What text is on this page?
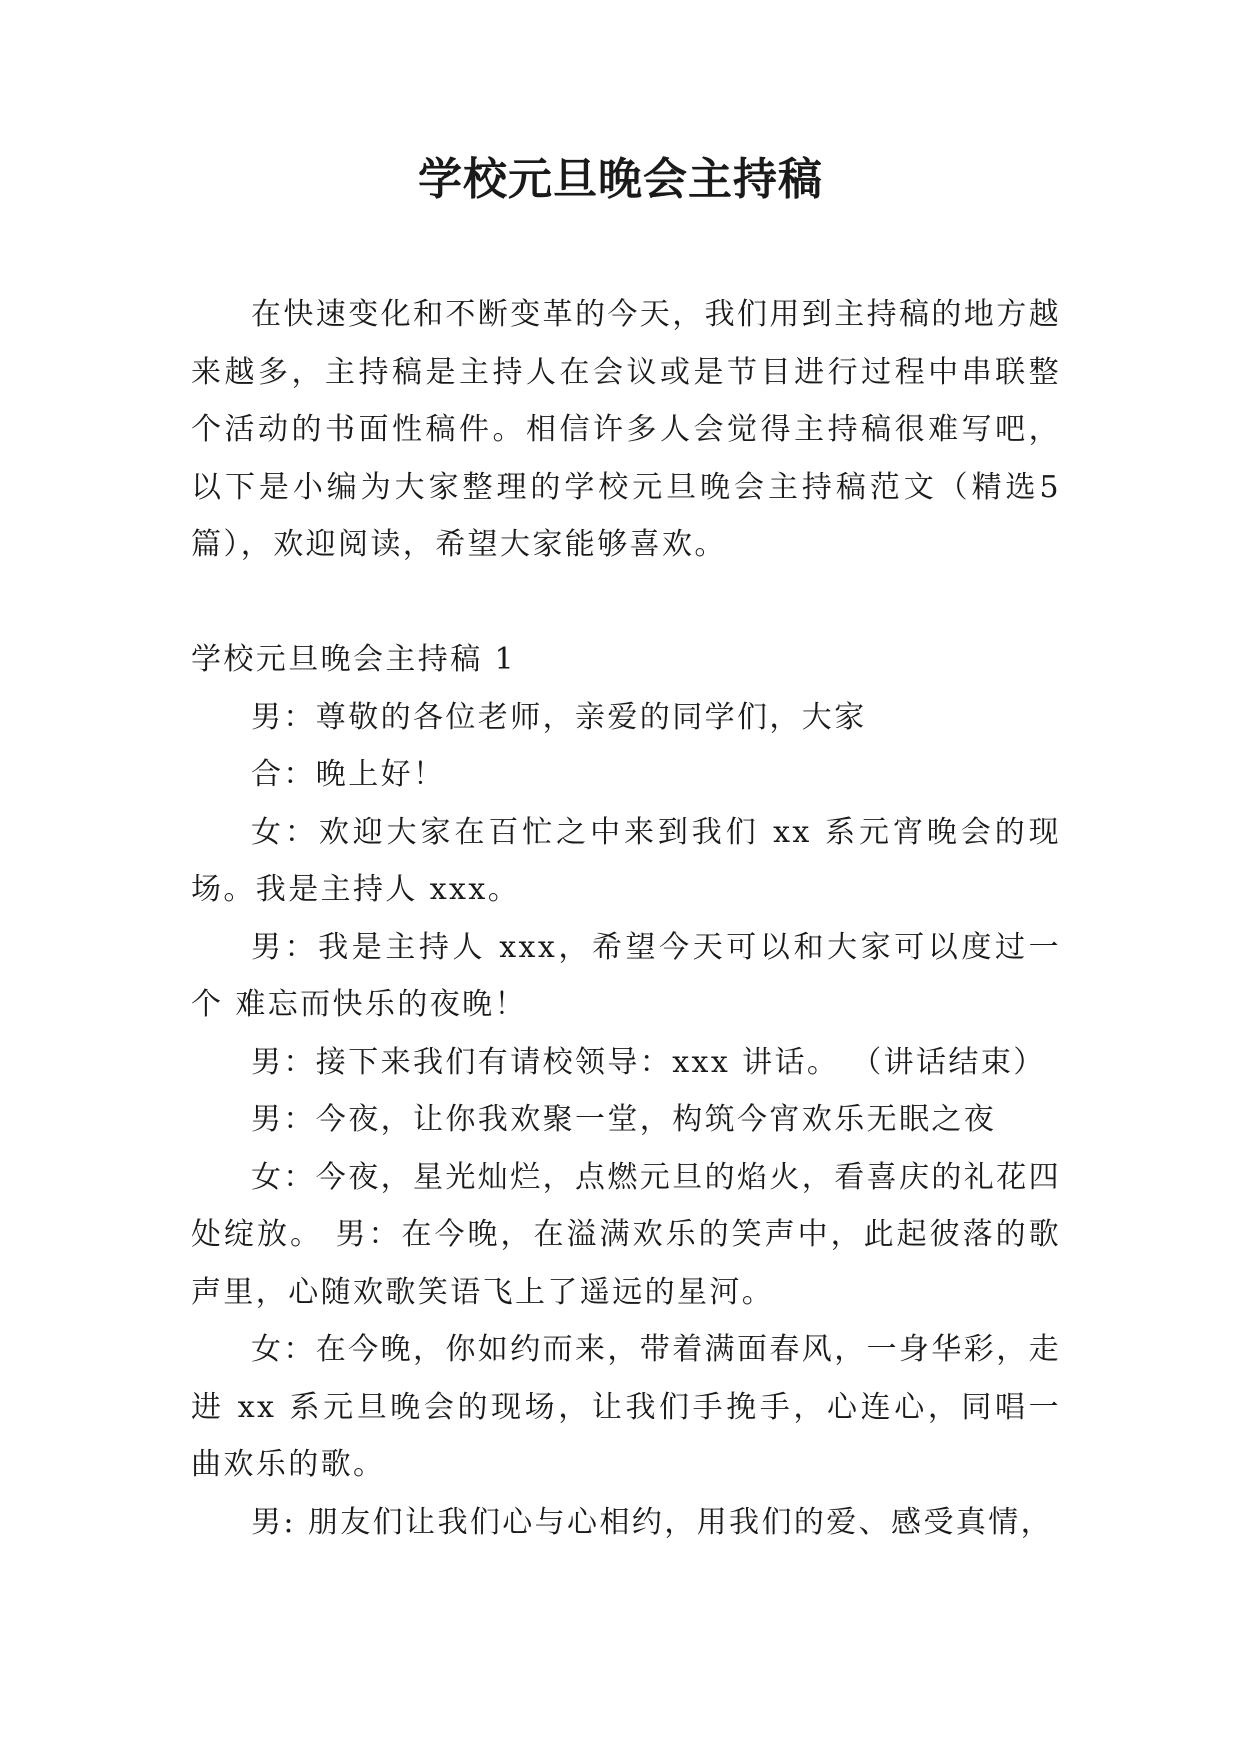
学校元旦晚会主持稿

在快速变化和不断变革的今天，我们用到主持稿的地方越来越多，主持稿是主持人在会议或是节目进行过程中串联整个活动的书面性稿件。相信许多人会觉得主持稿很难写吧，以下是小编为大家整理的学校元旦晚会主持稿范文（精选5篇），欢迎阅读，希望大家能够喜欢。

学校元旦晚会主持稿 1

男：尊敬的各位老师，亲爱的同学们，大家

合：晚上好！

女：欢迎大家在百忙之中来到我们 xx 系元宵晚会的现场。我是主持人 xxx。

男：我是主持人 xxx，希望今天可以和大家可以度过一个 难忘而快乐的夜晚！

男：接下来我们有请校领导：xxx 讲话。 （讲话结束）

男：今夜，让你我欢聚一堂，构筑今宵欢乐无眠之夜

女：今夜，星光灿烂，点燃元旦的焰火，看喜庆的礼花四处绽放。 男：在今晚，在溢满欢乐的笑声中，此起彼落的歌声里，心随欢歌笑语飞上了遥远的星河。

女：在今晚，你如约而来，带着满面春风，一身华彩，走进 xx 系元旦晚会的现场，让我们手挽手，心连心，同唱一曲欢乐的歌。

男: 朋友们让我们心与心相约，用我们的爱、感受真情，
